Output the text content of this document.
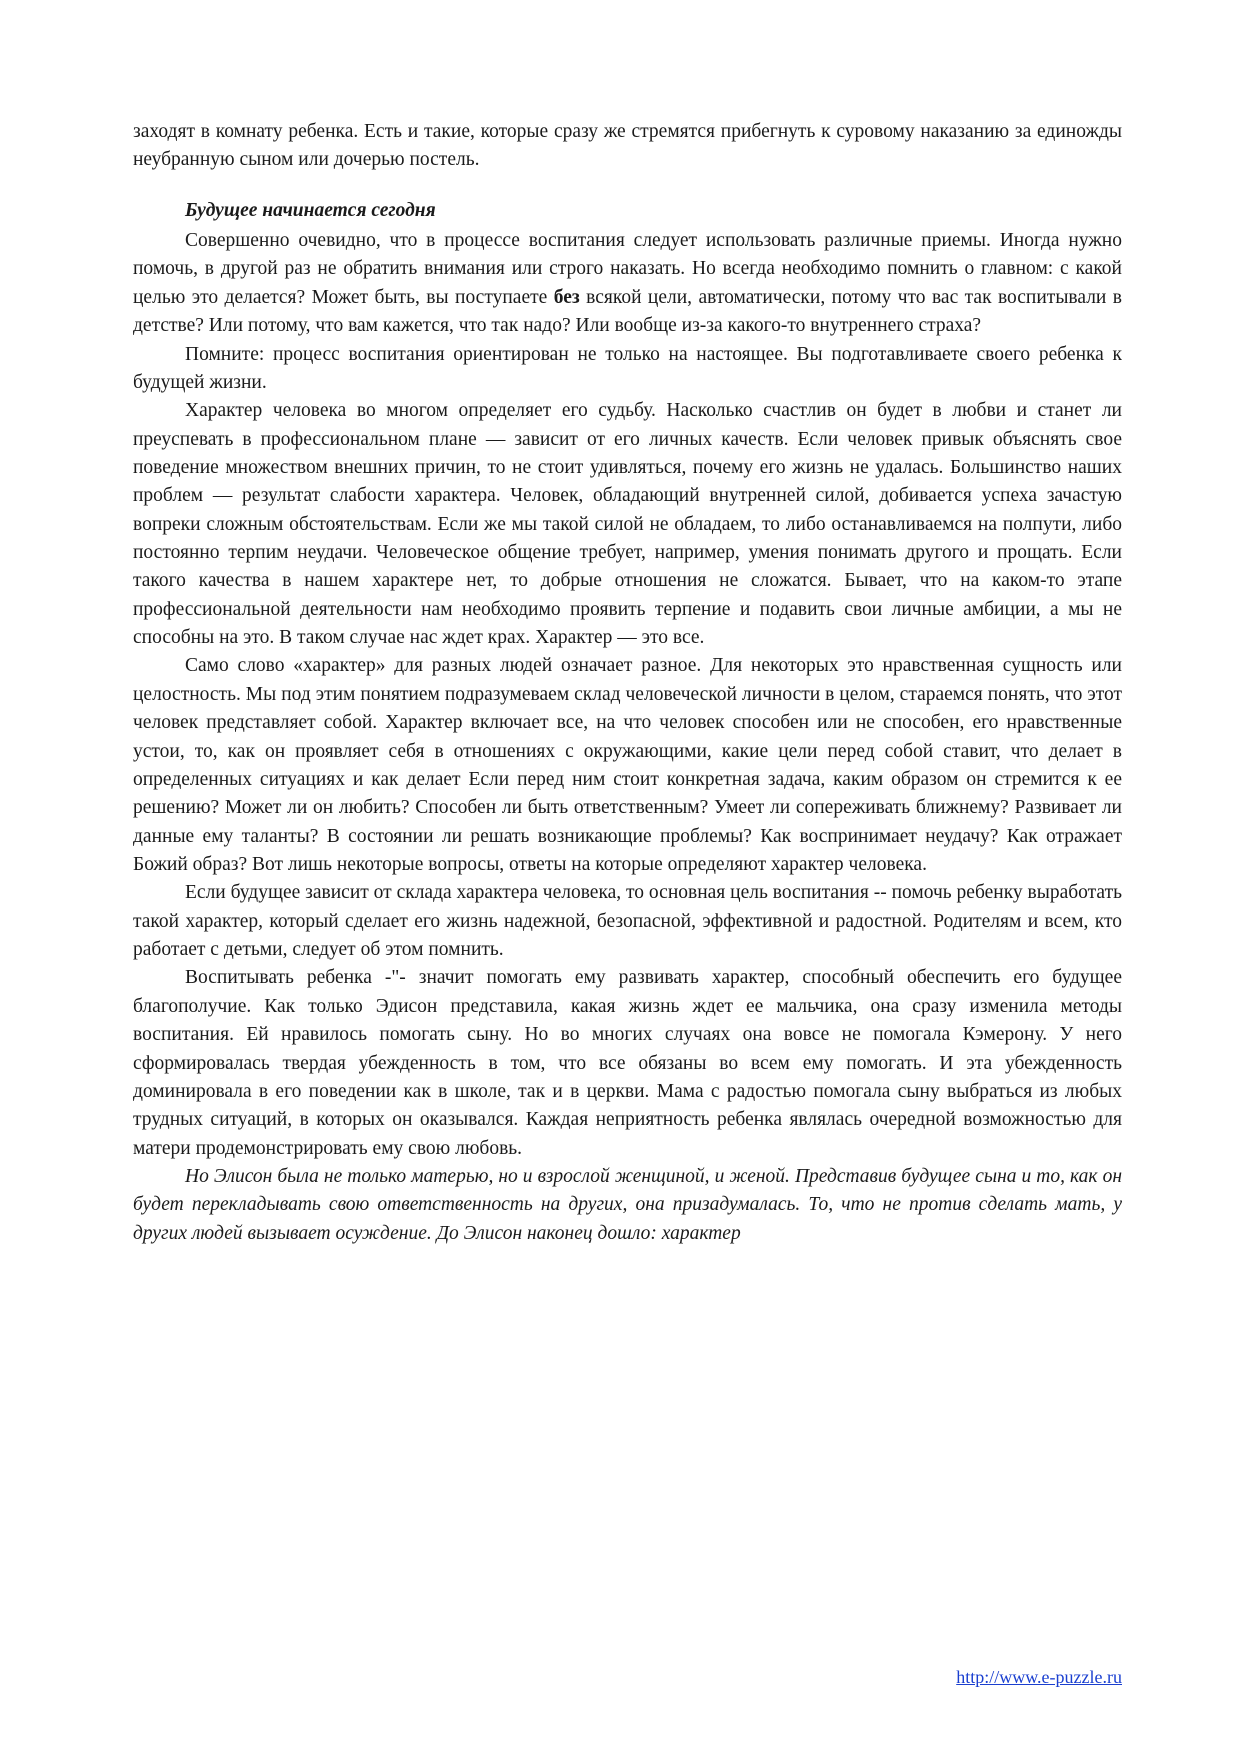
заходят в комнату ребенка. Есть и такие, которые сразу же стремятся прибегнуть к суровому наказанию за единожды неубранную сыном или дочерью постель.

Будущее начинается сегодня

Совершенно очевидно, что в процессе воспитания следует использовать различные приемы. Иногда нужно помочь, в другой раз не обратить внимания или строго наказать. Но всегда необходимо помнить о главном: с какой целью это делается? Может быть, вы поступаете без всякой цели, автоматически, потому что вас так воспитывали в детстве? Или потому, что вам кажется, что так надо? Или вообще из-за какого-то внутреннего страха?

Помните: процесс воспитания ориентирован не только на настоящее. Вы подготавливаете своего ребенка к будущей жизни.

Характер человека во многом определяет его судьбу. Насколько счастлив он будет в любви и станет ли преуспевать в профессиональном плане — зависит от его личных качеств. Если человек привык объяснять свое поведение множеством внешних причин, то не стоит удивляться, почему его жизнь не удалась. Большинство наших проблем — результат слабости характера. Человек, обладающий внутренней силой, добивается успеха зачастую вопреки сложным обстоятельствам. Если же мы такой силой не обладаем, то либо останавливаемся на полпути, либо постоянно терпим неудачи. Человеческое общение требует, например, умения понимать другого и прощать. Если такого качества в нашем характере нет, то добрые отношения не сложатся. Бывает, что на каком-то этапе профессиональной деятельности нам необходимо проявить терпение и подавить свои личные амбиции, а мы не способны на это. В таком случае нас ждет крах. Характер — это все.

Само слово «характер» для разных людей означает разное. Для некоторых это нравственная сущность или целостность. Мы под этим понятием подразумеваем склад человеческой личности в целом, стараемся понять, что этот человек представляет собой. Характер включает все, на что человек способен или не способен, его нравственные устои, то, как он проявляет себя в отношениях с окружающими, какие цели перед собой ставит, что делает в определенных ситуациях и как делает Если перед ним стоит конкретная задача, каким образом он стремится к ее решению? Может ли он любить? Способен ли быть ответственным? Умеет ли сопереживать ближнему? Развивает ли данные ему таланты? В состоянии ли решать возникающие проблемы? Как воспринимает неудачу? Как отражает Божий образ? Вот лишь некоторые вопросы, ответы на которые определяют характер человека.

Если будущее зависит от склада характера человека, то основная цель воспитания -- помочь ребенку выработать такой характер, который сделает его жизнь надежной, безопасной, эффективной и радостной. Родителям и всем, кто работает с детьми, следует об этом помнить.

Воспитывать ребенка -"- значит помогать ему развивать характер, способный обеспечить его будущее благополучие. Как только Эдисон представила, какая жизнь ждет ее мальчика, она сразу изменила методы воспитания. Ей нравилось помогать сыну. Но во многих случаях она вовсе не помогала Кэмерону. У него сформировалась твердая убежденность в том, что все обязаны во всем ему помогать. И эта убежденность доминировала в его поведении как в школе, так и в церкви. Мама с радостью помогала сыну выбраться из любых трудных ситуаций, в которых он оказывался. Каждая неприятность ребенка являлась очередной возможностью для матери продемонстрировать ему свою любовь.

Но Элисон была не только матерью, но и взрослой женщиной, и женой. Представив будущее сына и то, как он будет перекладывать свою ответственность на других, она призадумалась. То, что не против сделать мать, у других людей вызывает осуждение. До Элисон наконец дошло: характер

http://www.e-puzzle.ru
